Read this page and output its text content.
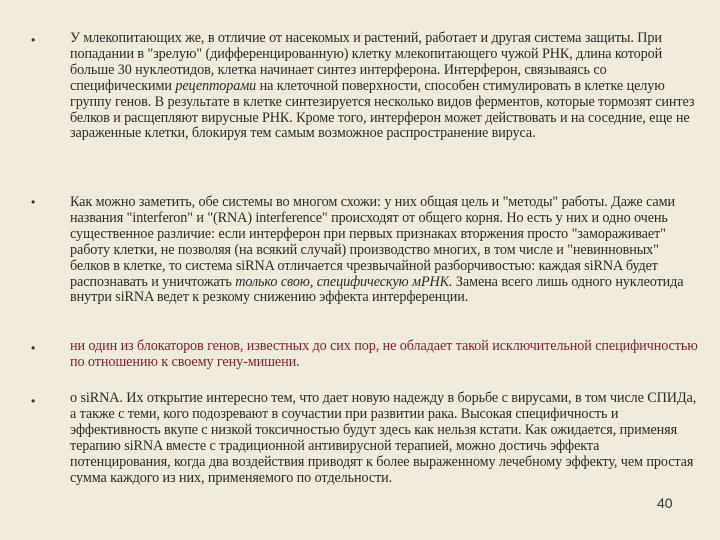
• У млекопитающих же, в отличие от насекомых и растений, работает и другая система защиты. При попадании в "зрелую" (дифференцированную) клетку млекопитающего чужой РНК, длина которой больше 30 нуклеотидов, клетка начинает синтез интерферона. Интерферон, связываясь со специфическими рецепторами на клеточной поверхности, способен стимулировать в клетке целую группу генов. В результате в клетке синтезируется несколько видов ферментов, которые тормозят синтез белков и расщепляют вирусные РНК. Кроме того, интерферон может действовать и на соседние, еще не зараженные клетки, блокируя тем самым возможное распространение вируса.
• Как можно заметить, обе системы во многом схожи: у них общая цель и "методы" работы. Даже сами названия "interferon" и "(RNA) interference" происходят от общего корня. Но есть у них и одно очень существенное различие: если интерферон при первых признаках вторжения просто "замораживает" работу клетки, не позволяя (на всякий случай) производство многих, в том числе и "невинновных" белков в клетке, то система siRNA отличается чрезвычайной разборчивостью: каждая siRNA будет распознавать и уничтожать только свою, специфическую мРНК. Замена всего лишь одного нуклеотида внутри siRNA ведет к резкому снижению эффекта интерференции.
• ни один из блокаторов генов, известных до сих пор, не обладает такой исключительной специфичностью по отношению к своему гену-мишени.
• о siRNA. Их открытие интересно тем, что дает новую надежду в борьбе с вирусами, в том числе СПИДа, а также с теми, кого подозревают в соучастии при развитии рака. Высокая специфичность и эффективность вкупе с низкой токсичностью будут здесь как нельзя кстати. Как ожидается, применяя терапию siRNA вместе с традиционной антивирусной терапией, можно достичь эффекта потенцирования, когда два воздействия приводят к более выраженному лечебному эффекту, чем простая сумма каждого из них, применяемого по отдельности.
40
